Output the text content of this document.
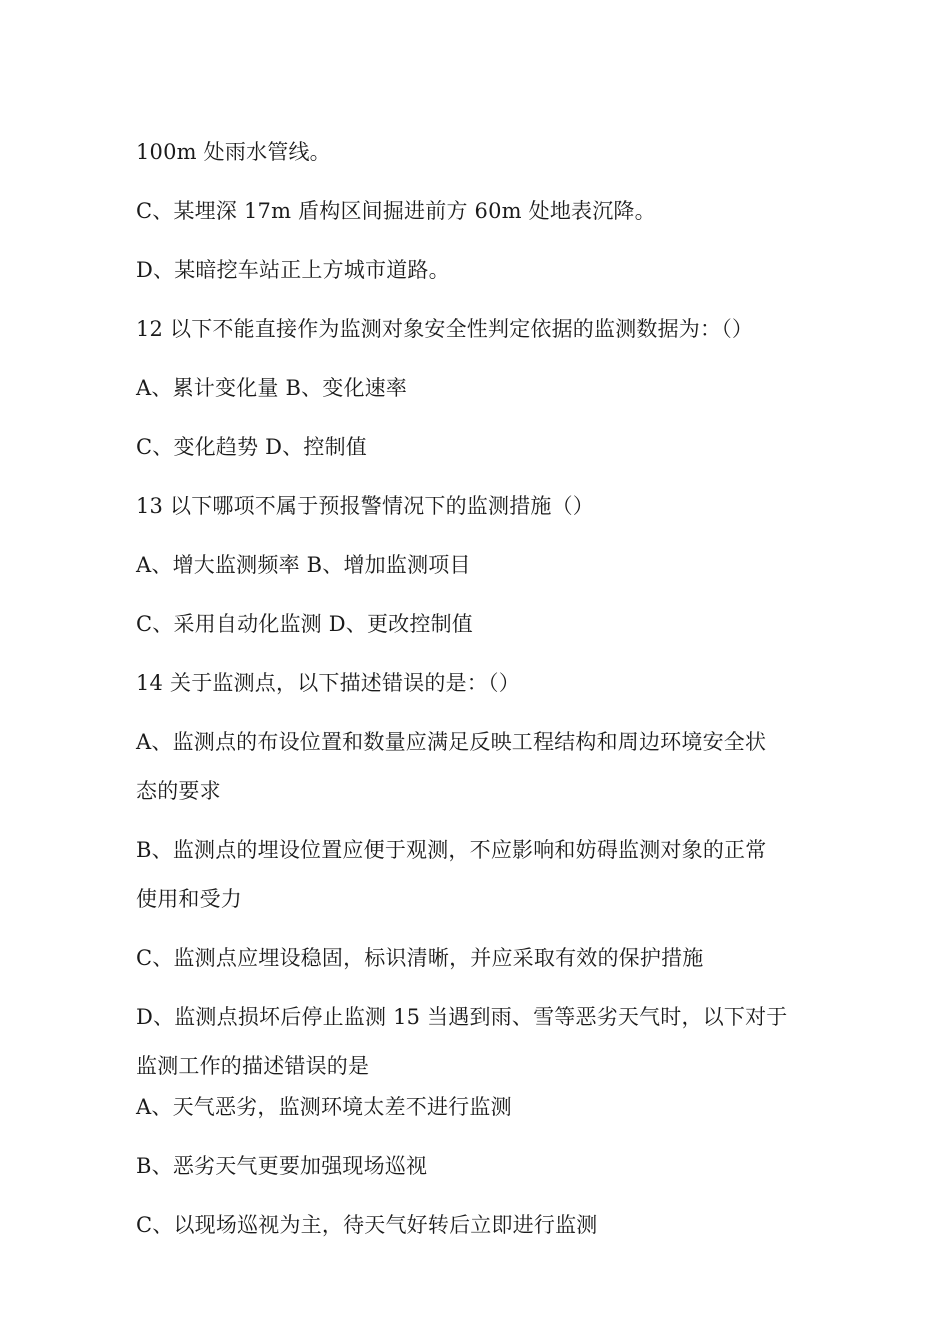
100m 处雨水管线。
C、某埋深 17m 盾构区间掘进前方 60m 处地表沉降。
D、某暗挖车站正上方城市道路。
12 以下不能直接作为监测对象安全性判定依据的监测数据为：（）
A、累计变化量 B、变化速率
C、变化趋势 D、控制值
13 以下哪项不属于预报警情况下的监测措施（）
A、增大监测频率 B、增加监测项目
C、采用自动化监测 D、更改控制值
14 关于监测点，以下描述错误的是：（）
A、监测点的布设位置和数量应满足反映工程结构和周边环境安全状
态的要求
B、监测点的埋设位置应便于观测，不应影响和妨碍监测对象的正常
使用和受力
C、监测点应埋设稳固，标识清晰，并应采取有效的保护措施
D、监测点损坏后停止监测 15 当遇到雨、雪等恶劣天气时，以下对于
监测工作的描述错误的是
A、天气恶劣，监测环境太差不进行监测
B、恶劣天气更要加强现场巡视
C、以现场巡视为主，待天气好转后立即进行监测
